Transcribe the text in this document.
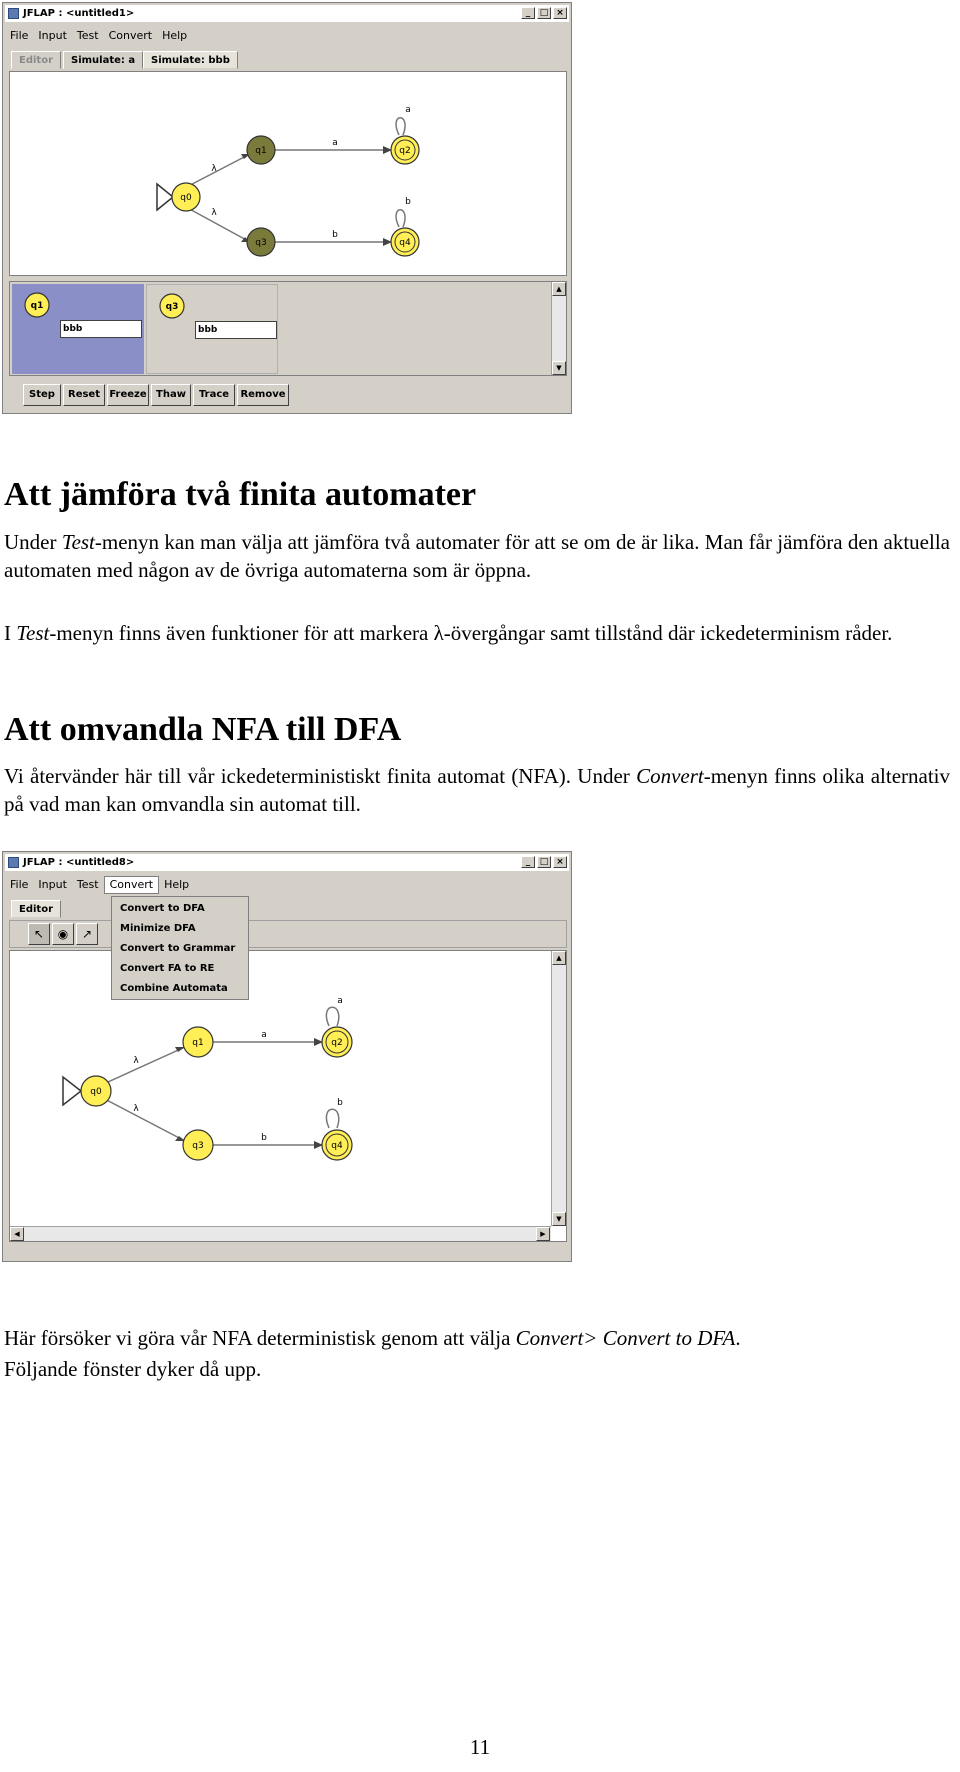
JFLAP : <untitled1>	_ □ ×
File Input Test Convert Help
Editor	Simulate: a	Simulate: bbb
q0
q1	q2
q3	q4
a
b
a
b
λ
λ
q1
bbb
q3
bbb
▲
▼
Step	Reset Freeze Thaw	Trace	Remove
Att jämföra två finita automater
Under Test-menyn kan man välja att jämföra två automater för att se om de är lika. Man får jämföra den aktuella automaten med någon av de övriga automaterna som är öppna.
I Test-menyn finns även funktioner för att markera λ-övergångar samt tillstånd där ickedeterminism råder.
Att omvandla NFA till DFA
Vi återvänder här till vår ickedeterministiskt finita automat (NFA). Under Convert-menyn finns olika alternativ på vad man kan omvandla sin automat till.
JFLAP : <untitled8>	_ □ ×
File Input Test Convert Help
Editor
↖	◉	↗
q0
q1	q2
q3	q4
a
b
a
b
λ
λ
▲
▼
◀	▶
Convert to DFA
Minimize DFA
Convert to Grammar
Convert FA to RE
Combine Automata
Här försöker vi göra vår NFA deterministisk genom att välja Convert> Convert to DFA.
Följande fönster dyker då upp.
11
